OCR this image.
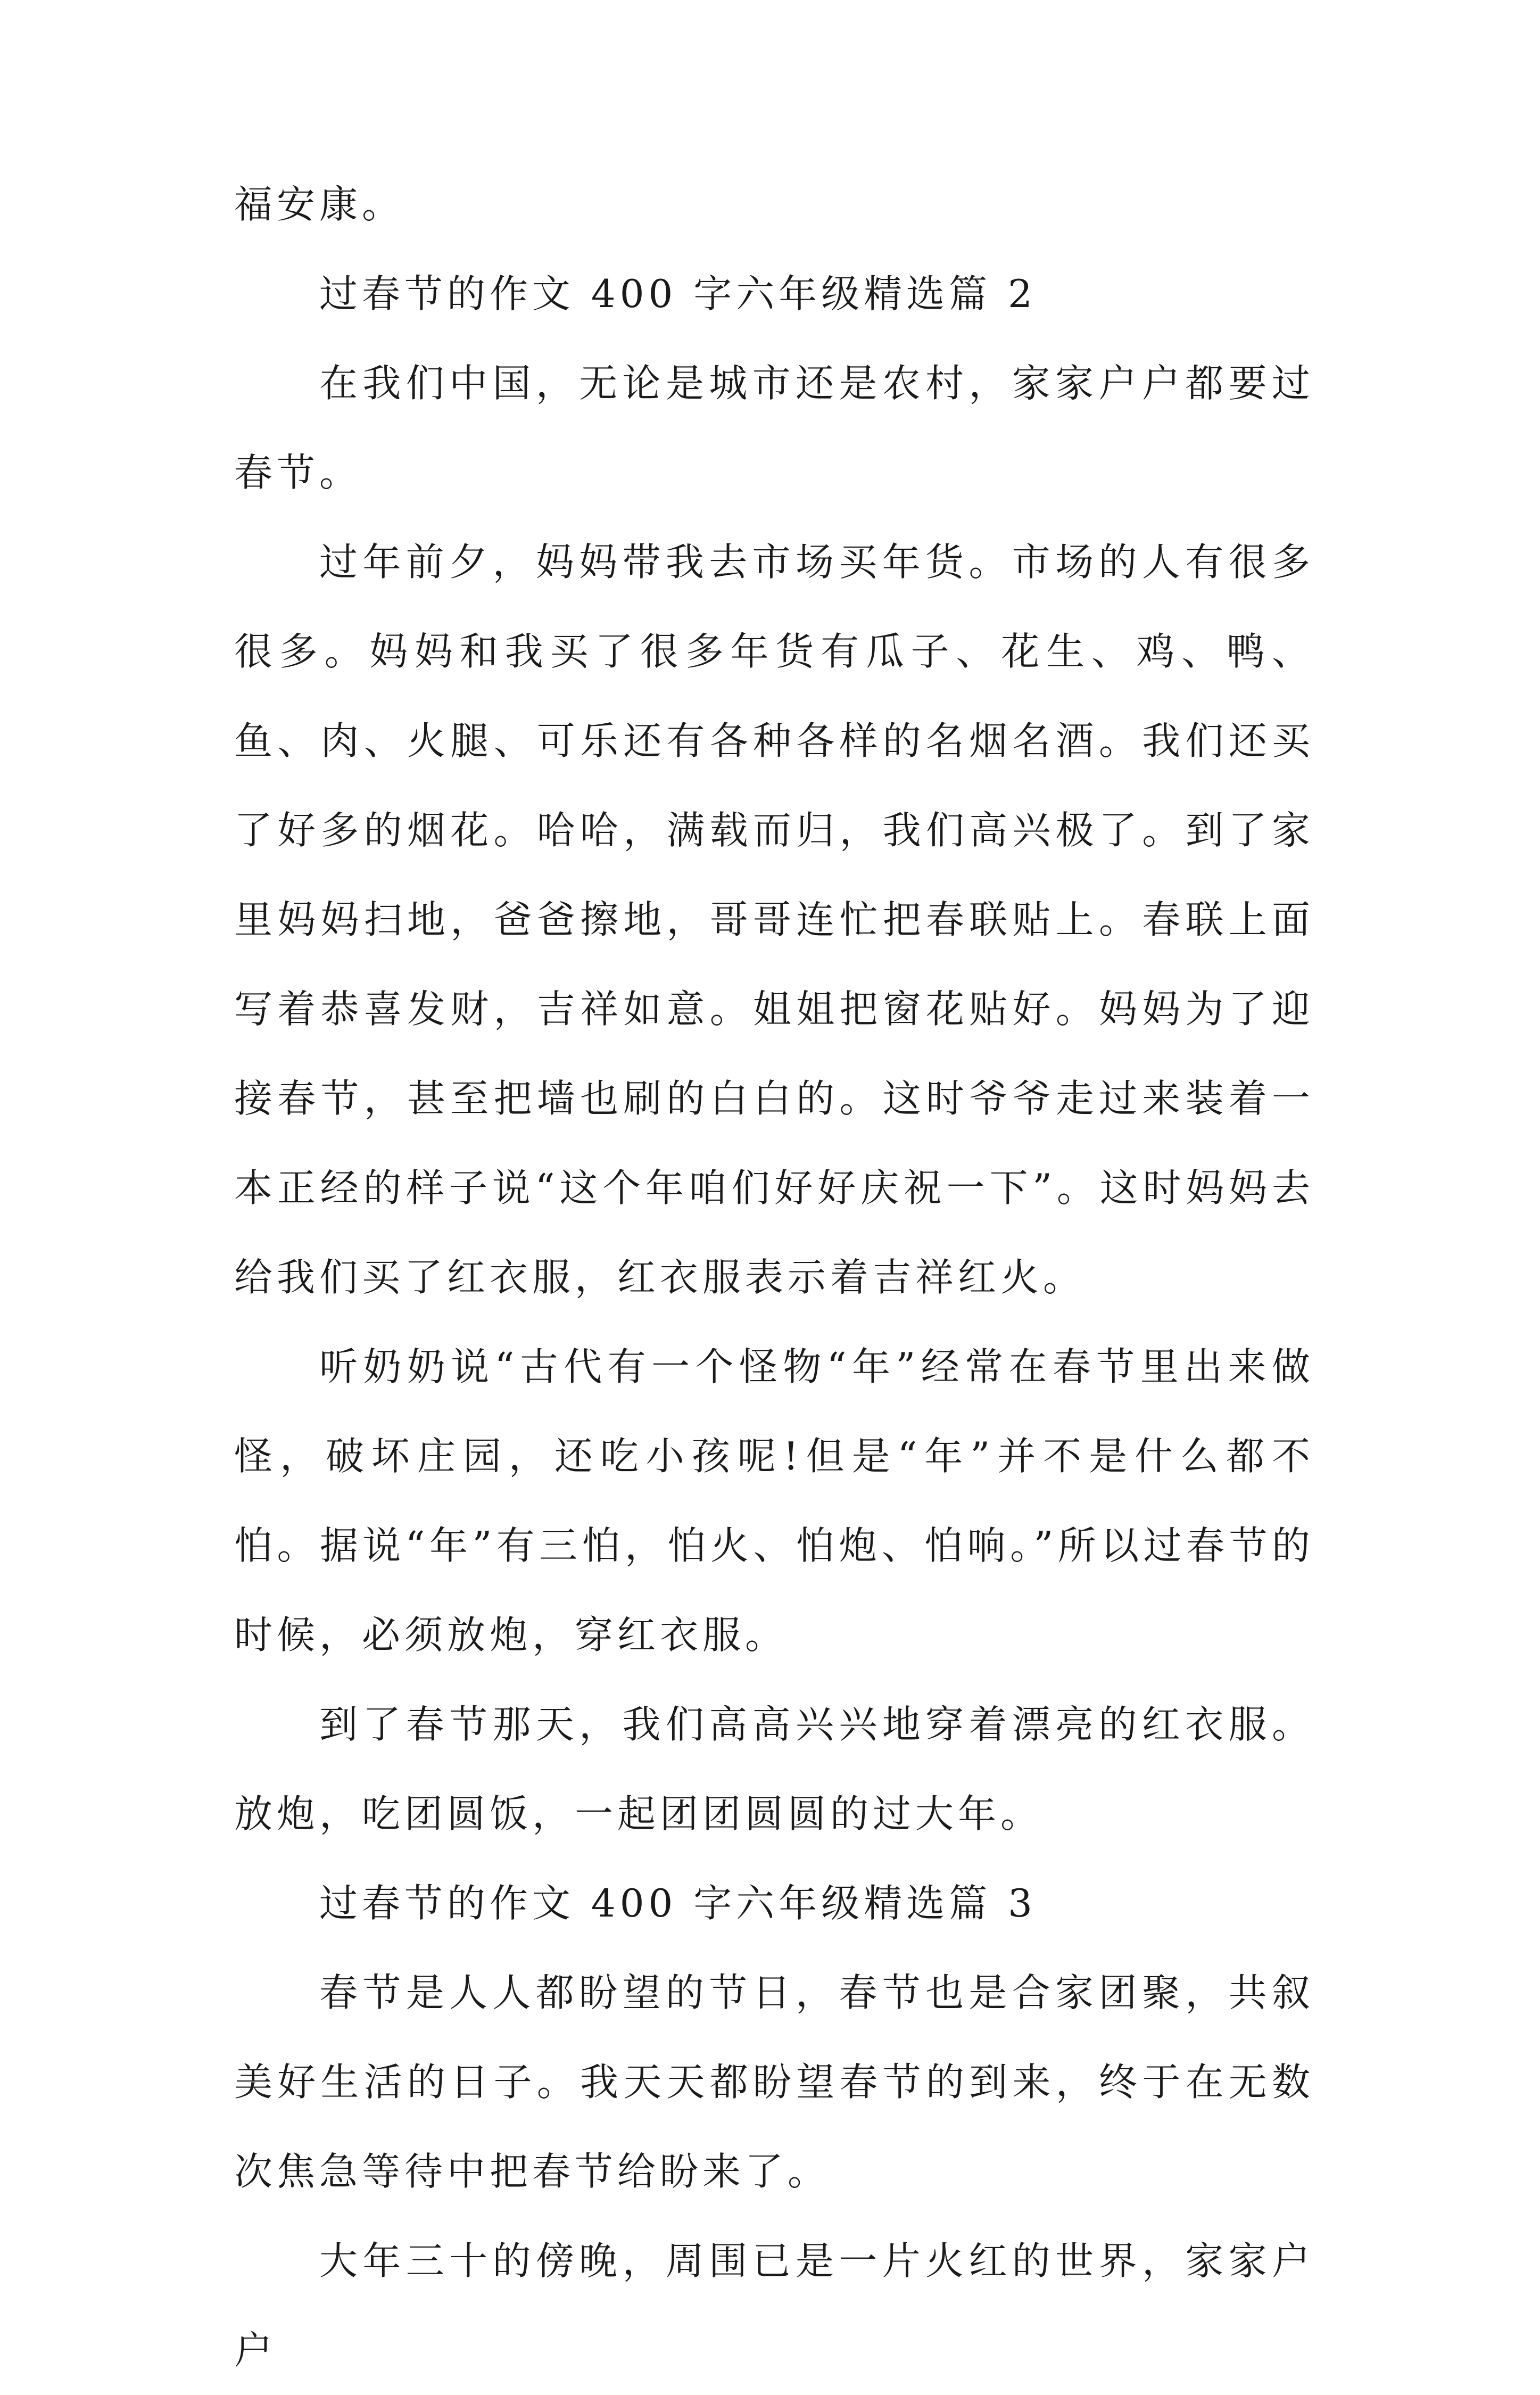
福安康。

过春节的作文 400 字六年级精选篇 2

在我们中国，无论是城市还是农村，家家户户都要过春节。

过年前夕，妈妈带我去市场买年货。市场的人有很多很多。妈妈和我买了很多年货有瓜子、花生、鸡、鸭、鱼、肉、火腿、可乐还有各种各样的名烟名酒。我们还买了好多的烟花。哈哈，满载而归，我们高兴极了。到了家里妈妈扫地，爸爸擦地，哥哥连忙把春联贴上。春联上面写着恭喜发财，吉祥如意。姐姐把窗花贴好。妈妈为了迎接春节，甚至把墙也刷的白白的。这时爷爷走过来装着一本正经的样子说“这个年咱们好好庆祝一下”。这时妈妈去给我们买了红衣服，红衣服表示着吉祥红火。

听奶奶说“古代有一个怪物“年”经常在春节里出来做怪，破坏庄园，还吃小孩呢!但是“年”并不是什么都不怕。据说“年”有三怕，怕火、怕炮、怕响。”所以过春节的时候，必须放炮，穿红衣服。

到了春节那天，我们高高兴兴地穿着漂亮的红衣服。放炮，吃团圆饭，一起团团圆圆的过大年。

过春节的作文 400 字六年级精选篇 3

春节是人人都盼望的节日，春节也是合家团聚，共叙美好生活的日子。我天天都盼望春节的到来，终于在无数次焦急等待中把春节给盼来了。

大年三十的傍晚，周围已是一片火红的世界，家家户户
